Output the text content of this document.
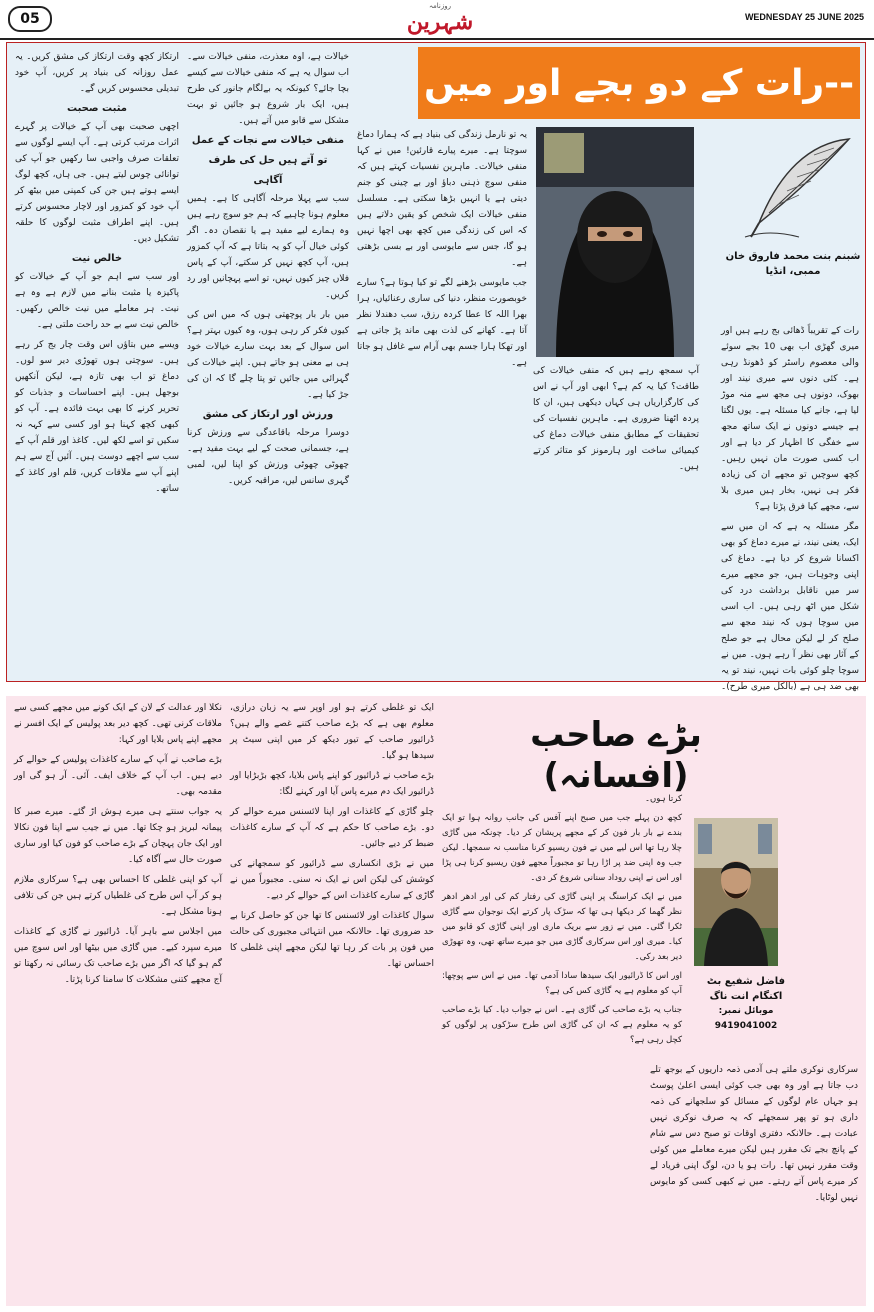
05
روزنامہ
شہرین	WEDNESDAY 25 JUNE 2025
--رات کے دو بجے اور میں
شبنم بنت محمد فاروق خان
ممبی، انڈیا

رات کے تقریباً ڈھائی بج رہے ہیں اور میری گھڑی اب بھی 10 بجے سوئے والی معصوم راسٹر کو ڈھونڈ رہی ہے۔ کئی دنوں سے میری نیند اور بھوک، دونوں ہی مجھ سے منہ موڑ لیا ہے، جانے کیا مسئلہ ہے۔ یوں لگتا ہے جیسے دونوں نے ایک ساتھ مجھ سے خفگی کا اظہار کر دیا ہے اور اب کسی صورت مان نہیں رہیں۔ کچھ سوچیں تو مجھے ان کی زیادہ فکر ہی نہیں، بخار ہیں میری بلا سے، مجھے کیا فرق پڑتا ہے؟

مگر مسئلہ یہ ہے کہ ان میں سے ایک، یعنی نیند، نے میرے دماغ کو بھی اکسانا شروع کر دیا ہے۔ دماغ کی اپنی وجوہات ہیں، جو مجھے میرے سر میں ناقابل برداشت درد کی شکل میں اٹھ رہی ہیں۔ اب اسی میں سوچا ہوں کہ نیند مجھ سے صلح کر لے لیکن محال ہے جو صلح کے آثار بھی نظر آ رہے ہوں۔ میں نے سوچا چلو کوئی بات نہیں، نیند تو یہ بھی ضد ہی ہے (بالکل میری طرح)۔

آپ سمجھ رہے ہیں کہ منفی خیالات کی طاقت؟ کیا یہ کم ہے؟ ابھی اور آپ نے اس کی کارگزاریاں ہی کہاں دیکھی ہیں، ان کا پردہ اٹھنا ضروری ہے۔ ماہرین نفسیات کی تحقیقات کے مطابق منفی خیالات دماغ کی کیمیائی ساخت اور ہارمونز کو متاثر کرتے ہیں۔

یہ تو نارمل زندگی کی بنیاد ہے کہ ہمارا دماغ سوچتا ہے۔ میرے پیارے قارئین! میں نے کہا منفی خیالات۔ ماہرین نفسیات کہتے ہیں کہ منفی سوچ ذہنی دباؤ اور بے چینی کو جنم دیتی ہے یا انہیں بڑھا سکتی ہے۔ مسلسل منفی خیالات ایک شخص کو یقین دلاتے ہیں کہ اس کی زندگی میں کچھ بھی اچھا نہیں ہو گا، جس سے مایوسی اور بے بسی بڑھتی ہے۔

جب مایوسی بڑھنے لگے تو کیا ہوتا ہے؟ سارے خوبصورت منظر، دنیا کی ساری رعنائیاں، ہرا بھرا اللہ کا عطا کردہ رزق، سب دھندلا نظر آتا ہے۔ کھانے کی لذت بھی ماند پڑ جاتی ہے اور تھکا ہارا جسم بھی آرام سے غافل ہو جاتا ہے۔

خیالات ہے، اوہ معذرت، منفی خیالات سے۔ اب سوال یہ ہے کہ منفی خیالات سے کیسے بچا جائے؟ کیونکہ یہ بےلگام جانور کی طرح ہیں، ایک بار شروع ہو جائیں تو بہت مشکل سے قابو میں آتے ہیں۔

منفی خیالات سے نجات کے عمل
تو آتے ہیں حل کی طرف
آگاہی

سب سے پہلا مرحلہ آگاہی کا ہے۔ ہمیں معلوم ہونا چاہیے کہ ہم جو سوچ رہے ہیں وہ ہمارے لیے مفید ہے یا نقصان دہ۔ اگر کوئی خیال آپ کو یہ بتاتا ہے کہ آپ کمزور ہیں، آپ کچھ نہیں کر سکتے، آپ کے پاس فلاں چیز کیوں نہیں، تو اسے پہچانیں اور رد کریں۔

میں بار بار پوچھتی ہوں کہ میں اس کی کیوں فکر کر رہی ہوں، وہ کیوں بہتر ہے؟ اس سوال کے بعد بہت سارے خیالات خود ہی بے معنی ہو جاتے ہیں۔ اپنے خیالات کی گہرائی میں جائیں تو پتا چلے گا کہ ان کی جڑ کیا ہے۔

ورزش اور ارتکاز کی مشق

دوسرا مرحلہ باقاعدگی سے ورزش کرنا ہے، جسمانی صحت کے لیے بہت مفید ہے۔ چھوٹی چھوٹی ورزش کو اپنا لیں، لمبی گہری سانس لیں، مراقبہ کریں۔

ارتکاز کچھ وقت ارتکاز کی مشق کریں۔ یہ عمل روزانہ کی بنیاد پر کریں، آپ خود تبدیلی محسوس کریں گے۔

مثبت صحبت

اچھی صحبت بھی آپ کے خیالات پر گہرے اثرات مرتب کرتی ہے۔ آپ ایسے لوگوں سے تعلقات صرف واجبی سا رکھیں جو آپ کی توانائی چوس لیتے ہیں۔ جی ہاں، کچھ لوگ ایسے ہوتے ہیں جن کی کمپنی میں بیٹھ کر آپ خود کو کمزور اور لاچار محسوس کرتے ہیں۔ اپنے اطراف مثبت لوگوں کا حلقہ تشکیل دیں۔

خالص نیت

اور سب سے اہم جو آپ کے خیالات کو پاکیزہ یا مثبت بنانے میں لازم ہے وہ ہے نیت۔ ہر معاملے میں نیت خالص رکھیں۔ خالص نیت سے بے حد راحت ملتی ہے۔

ویسے میں بتاؤں اس وقت چار بج کر رہے ہیں۔ سوچتی ہوں تھوڑی دیر سو لوں۔ دماغ تو اب بھی تازہ ہے، لیکن آنکھیں بوجھل ہیں۔ اپنے احساسات و جذبات کو تحریر کرنے کا بھی بہت فائدہ ہے۔ آپ کو کبھی کچھ کہنا ہو اور کسی سے کہہ نہ سکیں تو اسے لکھ لیں۔ کاغذ اور قلم آپ کے سب سے اچھے دوست ہیں۔ آئیں آج سے ہم اپنے آپ سے ملاقات کریں، قلم اور کاغذ کے ساتھ۔

بڑے صاحب (افسانہ)
فاضل شفیع بٹ
اکنگام انت ناگ
موبائل نمبر: 9419041002

سرکاری نوکری ملتے ہی آدمی ذمہ داریوں کے بوجھ تلے دب جاتا ہے اور وہ بھی جب کوئی ایسی اعلیٰ پوسٹ ہو جہاں عام لوگوں کے مسائل کو سلجھانے کی ذمہ داری ہو تو پھر سمجھئے کہ یہ صرف نوکری نہیں عبادت ہے۔ حالانکہ دفتری اوقات تو صبح دس سے شام کے پانچ بجے تک مقرر ہیں لیکن میرے معاملے میں کوئی وقت مقرر نہیں تھا۔ رات ہو یا دن، لوگ اپنی فریاد لے کر میرے پاس آتے رہتے۔ میں نے کبھی کسی کو مایوس نہیں لوٹایا۔

کرتا ہوں۔

کچھ دن پہلے جب میں صبح اپنے آفس کی جانب روانہ ہوا تو ایک بندے نے بار بار فون کر کے مجھے پریشان کر دیا۔ چونکہ میں گاڑی چلا رہا تھا اس لیے میں نے فون ریسیو کرنا مناسب نہ سمجھا۔ لیکن جب وہ اپنی ضد پر اڑا رہا تو مجبوراً مجھے فون ریسیو کرنا ہی پڑا اور اس نے اپنی روداد سنانی شروع کر دی۔

میں نے ایک کراسنگ پر اپنی گاڑی کی رفتار کم کی اور ادھر ادھر نظر گھما کر دیکھا ہی تھا کہ سڑک پار کرتے ایک نوجوان سے گاڑی ٹکرا گئی۔ میں نے زور سے بریک ماری اور اپنی گاڑی کو قابو میں کیا۔ میری اور اس سرکاری گاڑی میں جو میرے ساتھ تھی، وہ تھوڑی دیر بعد رکی۔

اور اس کا ڈرائیور ایک سیدھا سادا آدمی تھا۔ میں نے اس سے پوچھا: آپ کو معلوم ہے یہ گاڑی کس کی ہے؟

جناب یہ بڑے صاحب کی گاڑی ہے۔ اس نے جواب دیا۔ کیا بڑے صاحب کو یہ معلوم ہے کہ ان کی گاڑی اس طرح سڑکوں پر لوگوں کو کچل رہی ہے؟

ایک تو غلطی کرتے ہو اور اوپر سے یہ زبان درازی، معلوم بھی ہے کہ بڑے صاحب کتنے غصے والے ہیں؟ ڈرائیور صاحب کے تیور دیکھ کر میں اپنی سیٹ پر سیدھا ہو گیا۔

بڑے صاحب نے ڈرائیور کو اپنے پاس بلایا، کچھ بڑبڑایا اور ڈرائیور ایک دم میرے پاس آیا اور کہنے لگا:

چلو گاڑی کے کاغذات اور اپنا لائسنس میرے حوالے کر دو۔ بڑے صاحب کا حکم ہے کہ آپ کے سارے کاغذات ضبط کر دیے جائیں۔

میں نے بڑی انکساری سے ڈرائیور کو سمجھانے کی کوشش کی لیکن اس نے ایک نہ سنی۔ مجبوراً میں نے گاڑی کے سارے کاغذات اس کے حوالے کر دیے۔

سوال کاغذات اور لائسنس کا تھا جن کو حاصل کرنا بے حد ضروری تھا۔ حالانکہ میں انتہائی مجبوری کی حالت میں فون پر بات کر رہا تھا لیکن مجھے اپنی غلطی کا احساس تھا۔

نکلا اور عدالت کے لان کے ایک کونے میں مجھے کسی سے ملاقات کرنی تھی۔ کچھ دیر بعد پولیس کے ایک افسر نے مجھے اپنے پاس بلایا اور کہا:

بڑے صاحب نے آپ کے سارے کاغذات پولیس کے حوالے کر دیے ہیں۔ اب آپ کے خلاف ایف۔ آئی۔ آر ہو گی اور مقدمہ بھی۔

یہ جواب سنتے ہی میرے ہوش اڑ گئے۔ میرے صبر کا پیمانہ لبریز ہو چکا تھا۔ میں نے جیب سے اپنا فون نکالا اور ایک جان پہچان کے بڑے صاحب کو فون کیا اور ساری صورت حال سے آگاہ کیا۔

آپ کو اپنی غلطی کا احساس بھی ہے؟ سرکاری ملازم ہو کر آپ اس طرح کی غلطیاں کرتے ہیں جن کی تلافی ہونا مشکل ہے۔

میں اجلاس سے باہر آیا۔ ڈرائیور نے گاڑی کے کاغذات میرے سپرد کیے۔ میں گاڑی میں بیٹھا اور اس سوچ میں گم ہو گیا کہ اگر میں بڑے صاحب تک رسائی نہ رکھتا تو آج مجھے کتنی مشکلات کا سامنا کرنا پڑتا۔
